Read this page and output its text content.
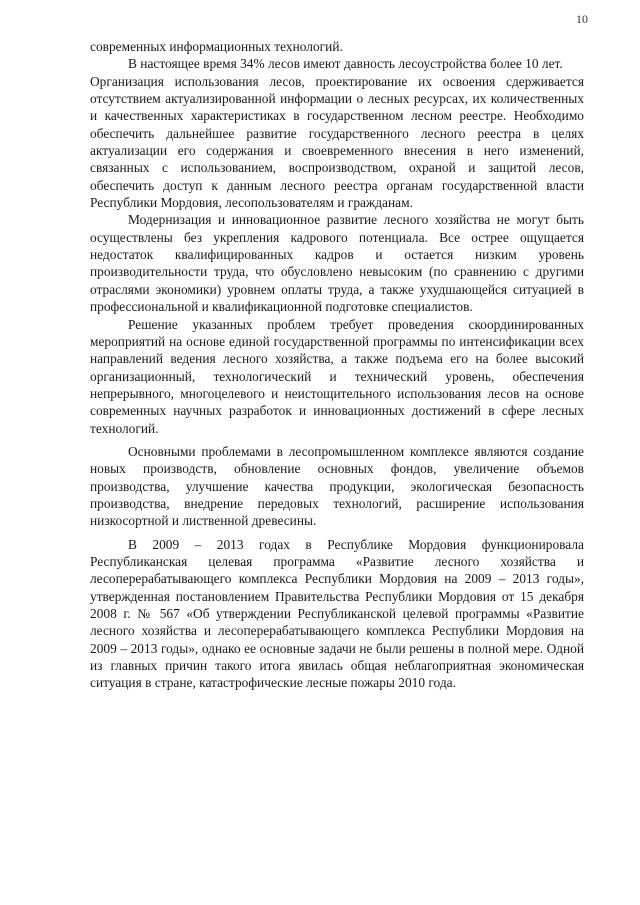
10

современных информационных технологий.

В настоящее время 34% лесов имеют давность лесоустройства более 10 лет.

Организация использования лесов, проектирование их освоения сдерживается отсутствием актуализированной информации о лесных ресурсах, их количественных и качественных характеристиках в государственном лесном реестре. Необходимо обеспечить дальнейшее развитие государственного лесного реестра в целях актуализации его содержания и своевременного внесения в него изменений, связанных с использованием, воспроизводством, охраной и защитой лесов, обеспечить доступ к данным лесного реестра органам государственной власти Республики Мордовия, лесопользователям и гражданам.

Модернизация и инновационное развитие лесного хозяйства не могут быть осуществлены без укрепления кадрового потенциала. Все острее ощущается недостаток квалифицированных кадров и остается низким уровень производительности труда, что обусловлено невысоким (по сравнению с другими отраслями экономики) уровнем оплаты труда, а также ухудшающейся ситуацией в профессиональной и квалификационной подготовке специалистов.

Решение указанных проблем требует проведения скоординированных мероприятий на основе единой государственной программы по интенсификации всех направлений ведения лесного хозяйства, а также подъема его на более высокий организационный, технологический и технический уровень, обеспечения непрерывного, многоцелевого и неистощительного использования лесов на основе современных научных разработок и инновационных достижений в сфере лесных технологий.

Основными проблемами в лесопромышленном комплексе являются создание новых производств, обновление основных фондов, увеличение объемов производства, улучшение качества продукции, экологическая безопасность производства, внедрение передовых технологий, расширение использования низкосортной и лиственной древесины.

В 2009 – 2013 годах в Республике Мордовия функционировала Республиканская целевая программа «Развитие лесного хозяйства и лесоперерабатывающего комплекса Республики Мордовия на 2009 – 2013 годы», утвержденная постановлением Правительства Республики Мордовия от 15 декабря 2008 г. № 567 «Об утверждении Республиканской целевой программы «Развитие лесного хозяйства и лесоперерабатывающего комплекса Республики Мордовия на 2009 – 2013 годы», однако ее основные задачи не были решены в полной мере. Одной из главных причин такого итога явилась общая неблагоприятная экономическая ситуация в стране, катастрофические лесные пожары 2010 года.
